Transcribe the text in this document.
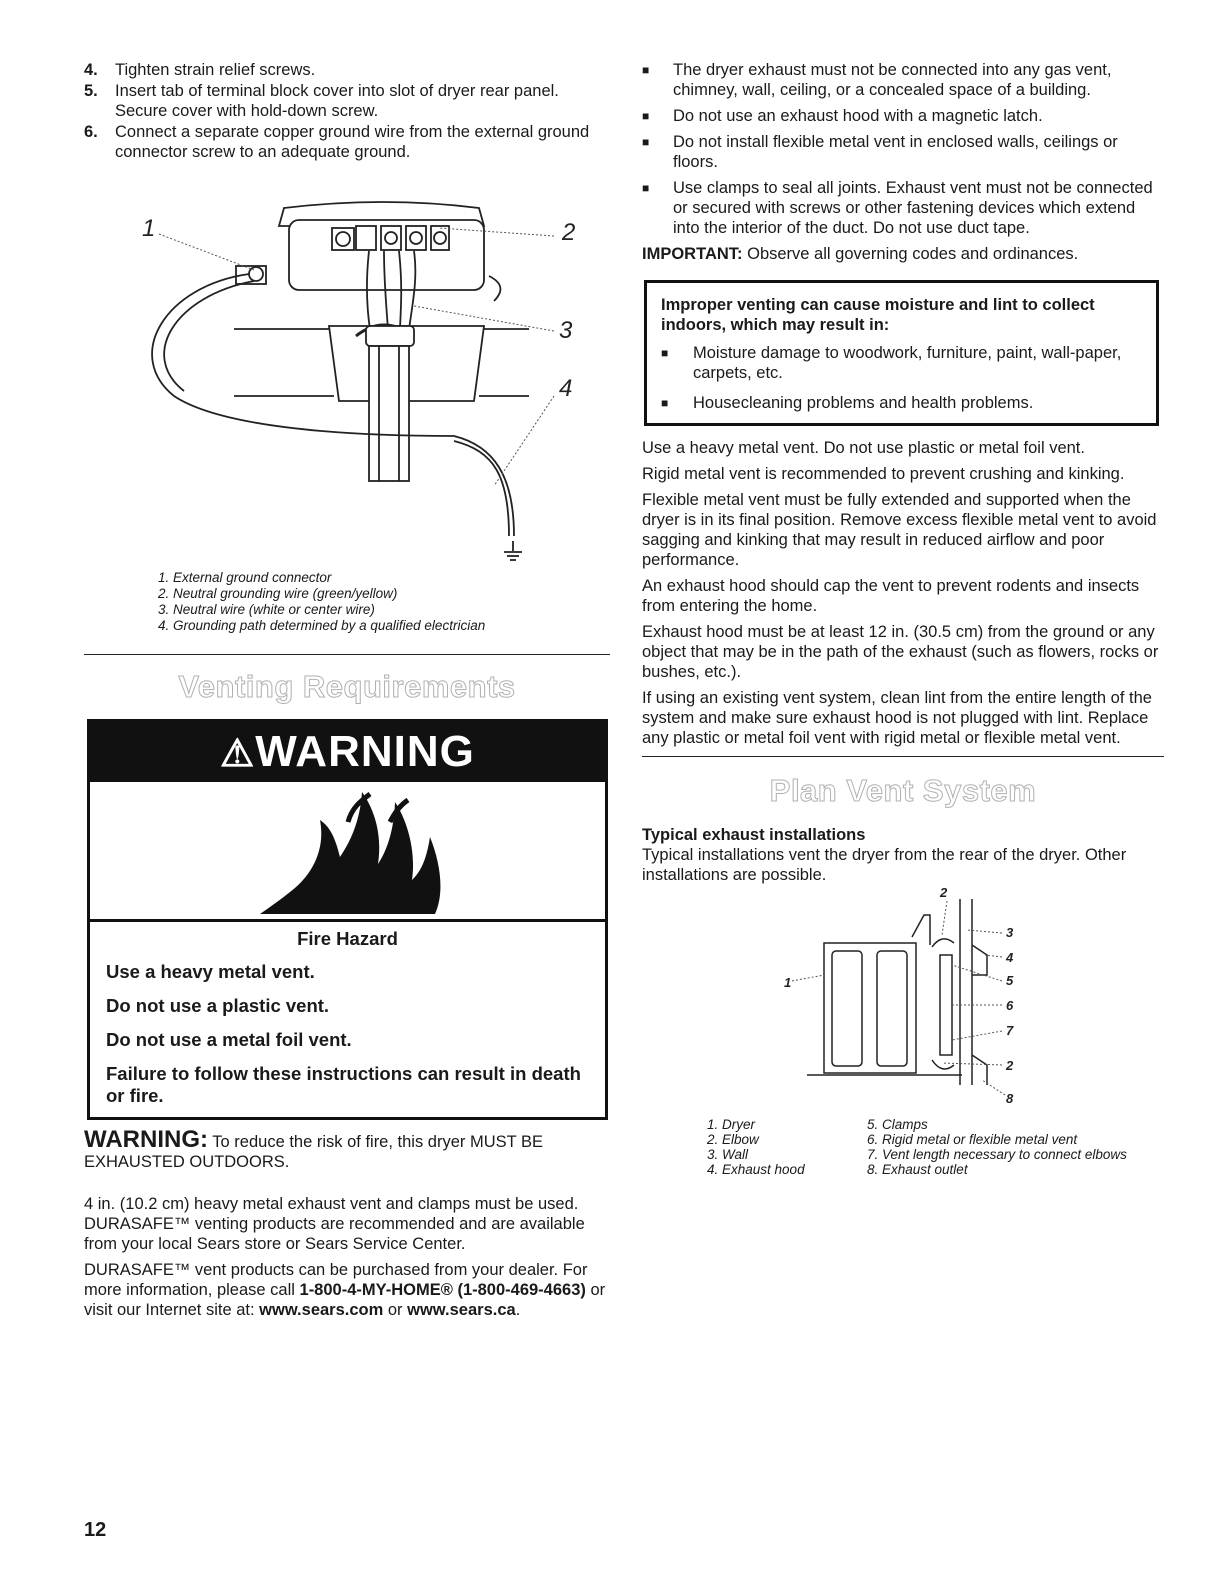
4.	Tighten strain relief screws.
5.	Insert tab of terminal block cover into slot of dryer rear panel. Secure cover with hold-down screw.
6.	Connect a separate copper ground wire from the external ground connector screw to an adequate ground.
1	2
3
4
1. External ground connector
2. Neutral grounding wire (green/yellow)
3. Neutral wire (white or center wire)
4. Grounding path determined by a qualified electrician
Venting Requirements
⚠WARNING
Fire Hazard

Use a heavy metal vent.

Do not use a plastic vent.

Do not use a metal foil vent.

Failure to follow these instructions can result in death or fire.

WARNING: To reduce the risk of fire, this dryer MUST BE EXHAUSTED OUTDOORS.

4 in. (10.2 cm) heavy metal exhaust vent and clamps must be used. DURASAFE™ venting products are recommended and are available from your local Sears store or Sears Service Center.

DURASAFE™ vent products can be purchased from your dealer. For more information, please call 1-800-4-MY-HOME® (1-800-469-4663) or visit our Internet site at: www.sears.com or www.sears.ca.

■	The dryer exhaust must not be connected into any gas vent, chimney, wall, ceiling, or a concealed space of a building.
■	Do not use an exhaust hood with a magnetic latch.
■	Do not install flexible metal vent in enclosed walls, ceilings or floors.
■	Use clamps to seal all joints. Exhaust vent must not be connected or secured with screws or other fastening devices which extend into the interior of the duct. Do not use duct tape.

IMPORTANT: Observe all governing codes and ordinances.

Improper venting can cause moisture and lint to collect indoors, which may result in:
■	Moisture damage to woodwork, furniture, paint, wall-paper, carpets, etc.
■	Housecleaning problems and health problems.

Use a heavy metal vent. Do not use plastic or metal foil vent.

Rigid metal vent is recommended to prevent crushing and kinking.

Flexible metal vent must be fully extended and supported when the dryer is in its final position. Remove excess flexible metal vent to avoid sagging and kinking that may result in reduced airflow and poor performance.

An exhaust hood should cap the vent to prevent rodents and insects from entering the home.

Exhaust hood must be at least 12 in. (30.5 cm) from the ground or any object that may be in the path of the exhaust (such as flowers, rocks or bushes, etc.).

If using an existing vent system, clean lint from the entire length of the system and make sure exhaust hood is not plugged with lint. Replace any plastic or metal foil vent with rigid metal or flexible metal vent.

Plan Vent System
Typical exhaust installations

Typical installations vent the dryer from the rear of the dryer. Other installations are possible.

1
2
3
4
5
6
7
2
8
1. Dryer
2. Elbow
3. Wall
4. Exhaust hood
5. Clamps
6. Rigid metal or flexible metal vent
7. Vent length necessary to connect elbows
8. Exhaust outlet
12
